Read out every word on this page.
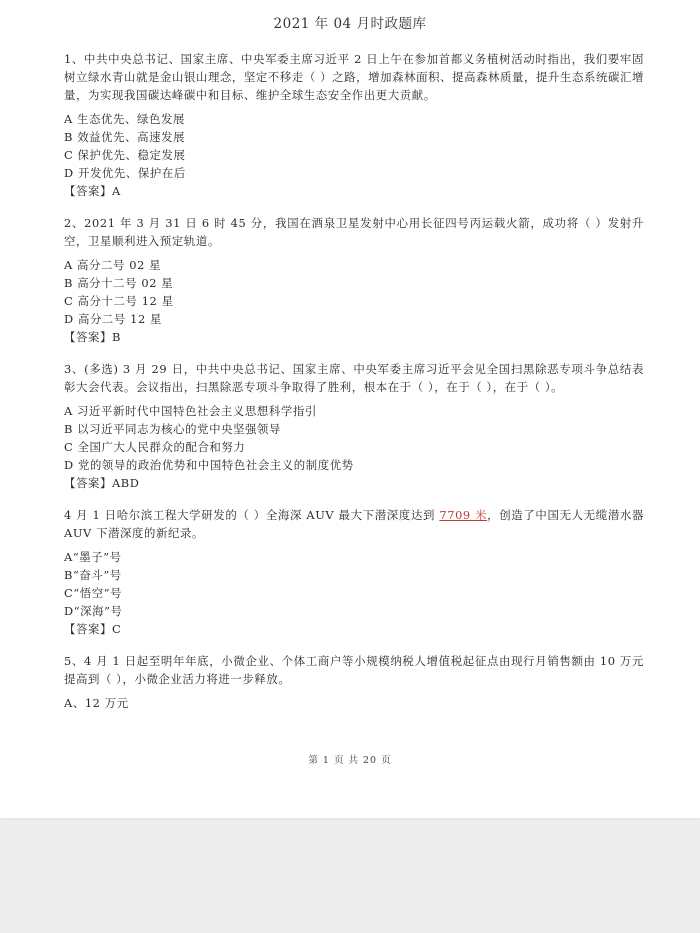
2021 年 04 月时政题库

1、中共中央总书记、国家主席、中央军委主席习近平 2 日上午在参加首都义务植树活动时指出，我们要牢固树立绿水青山就是金山银山理念，坚定不移走（ ）之路，增加森林面积、提高森林质量，提升生态系统碳汇增量，为实现我国碳达峰碳中和目标、维护全球生态安全作出更大贡献。

A 生态优先、绿色发展

B 效益优先、高速发展

C 保护优先、稳定发展

D 开发优先、保护在后

【答案】A

2、2021 年 3 月 31 日 6 时 45 分，我国在酒泉卫星发射中心用长征四号丙运载火箭，成功将（ ）发射升空，卫星顺利进入预定轨道。

A 高分二号 02 星

B 高分十二号 02 星

C 高分十二号 12 星

D 高分二号 12 星

【答案】B

3、(多选) 3 月 29 日，中共中央总书记、国家主席、中央军委主席习近平会见全国扫黑除恶专项斗争总结表彰大会代表。会议指出，扫黑除恶专项斗争取得了胜利，根本在于（ ），在于（ ），在于（ ）。

A 习近平新时代中国特色社会主义思想科学指引

B 以习近平同志为核心的党中央坚强领导

C 全国广大人民群众的配合和努力

D 党的领导的政治优势和中国特色社会主义的制度优势

【答案】ABD

4 月 1 日哈尔滨工程大学研发的（ ）全海深 AUV 最大下潜深度达到 7709 米，创造了中国无人无缆潜水器 AUV 下潜深度的新纪录。

A“墨子”号

B“奋斗”号

C“悟空”号

D“深海”号

【答案】C

5、4 月 1 日起至明年年底，小微企业、个体工商户等小规模纳税人增值税起征点由现行月销售额由 10 万元提高到（ ），小微企业活力将进一步释放。

A、12 万元

第 1 页 共 20 页
